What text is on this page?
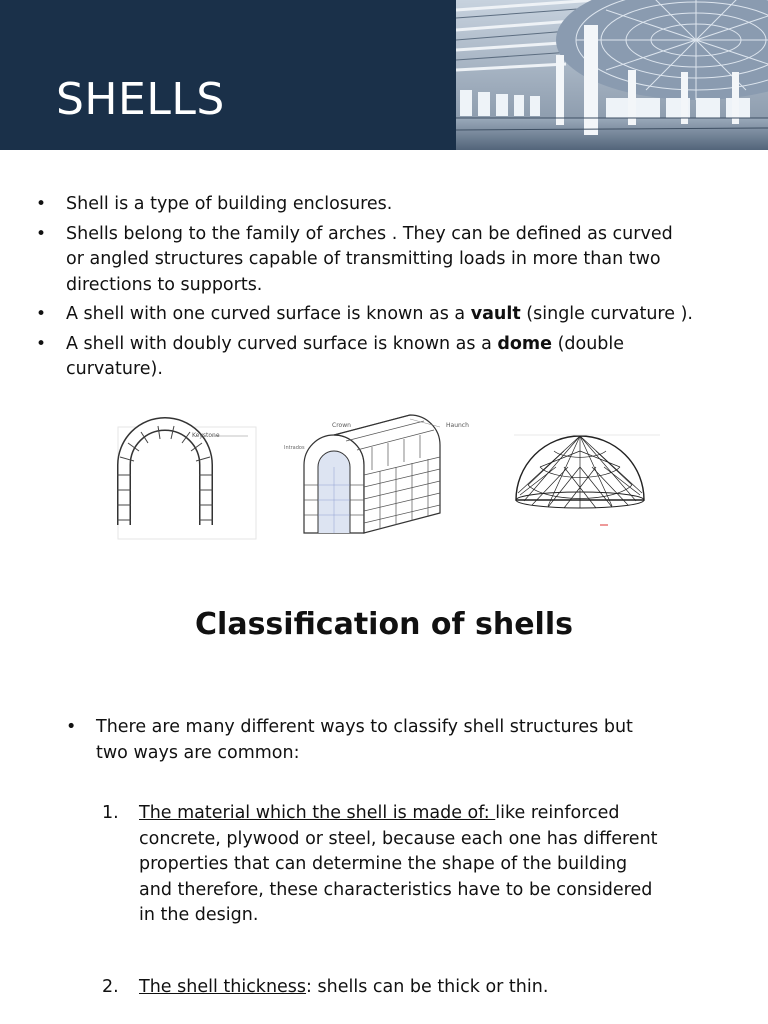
SHELLS
• Shell is a type of building enclosures.
• Shells belong to the family of arches . They can be defined as curved or angled structures capable of transmitting loads in more than two directions to supports.
• A shell with one curved surface is known as a vault (single curvature ).
• A shell with doubly curved surface is known as a dome (double curvature).
Keystone
Crown	Haunch
Intrados
Classification of shells
• There are many different ways to classify shell structures but two ways are common:
1. The material which the shell is made of: like reinforced concrete, plywood or steel, because each one has different properties that can determine the shape of the building and therefore, these characteristics have to be considered in the design.
2. The shell thickness: shells can be thick or thin.
